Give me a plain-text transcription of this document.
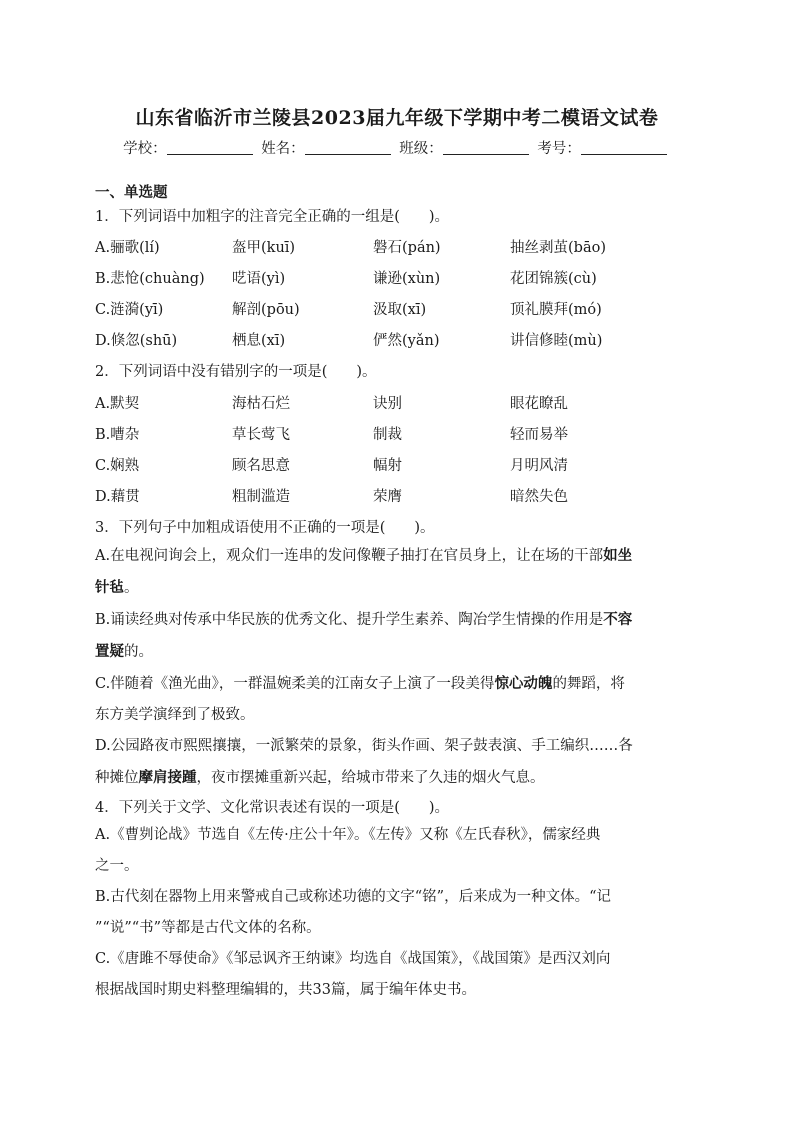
山东省临沂市兰陵县2023届九年级下学期中考二模语文试卷
学校：	姓名：	班级：	考号：
一、单选题
1．下列词语中加粗字的注音完全正确的一组是(　　)。
A.骊歌(lí)	盔甲(kuī)	磐石(pán)	抽丝剥茧(bāo)
B.悲怆(chuàng) 呓语(yì)	谦逊(xùn)	花团锦簇(cù)
C.涟漪(yī)	解剖(pōu)	汲取(xī)	顶礼膜拜(mó)
D.倏忽(shū)	栖息(xī)	俨然(yǎn)	讲信修睦(mù)
2．下列词语中没有错别字的一项是(　　)。
A.默契	海枯石烂	诀别	眼花瞭乱
B.嘈杂	草长莺飞	制裁	轻而易举
C.娴熟	顾名思意	幅射	月明风清
D.藉贯	粗制滥造	荣膺	暗然失色
3．下列句子中加粗成语使用不正确的一项是(　　)。
A.在电视问询会上，观众们一连串的发问像鞭子抽打在官员身上，让在场的干部如坐
针毡。
B.诵读经典对传承中华民族的优秀文化、提升学生素养、陶冶学生情操的作用是不容
置疑的。
C.伴随着《渔光曲》，一群温婉柔美的江南女子上演了一段美得惊心动魄的舞蹈，将
东方美学演绎到了极致。
D.公园路夜市熙熙攘攘，一派繁荣的景象，街头作画、架子鼓表演、手工编织……各
种摊位摩肩接踵，夜市摆摊重新兴起，给城市带来了久违的烟火气息。
4．下列关于文学、文化常识表述有误的一项是(　　)。
A.《曹刿论战》节选自《左传·庄公十年》。《左传》又称《左氏春秋》，儒家经典
之一。
B.古代刻在器物上用来警戒自己或称述功德的文字“铭”，后来成为一种文体。“记
”“说”“书”等都是古代文体的名称。
C.《唐雎不辱使命》《邹忌讽齐王纳谏》均选自《战国策》，《战国策》是西汉刘向
根据战国时期史料整理编辑的，共33篇，属于编年体史书。
